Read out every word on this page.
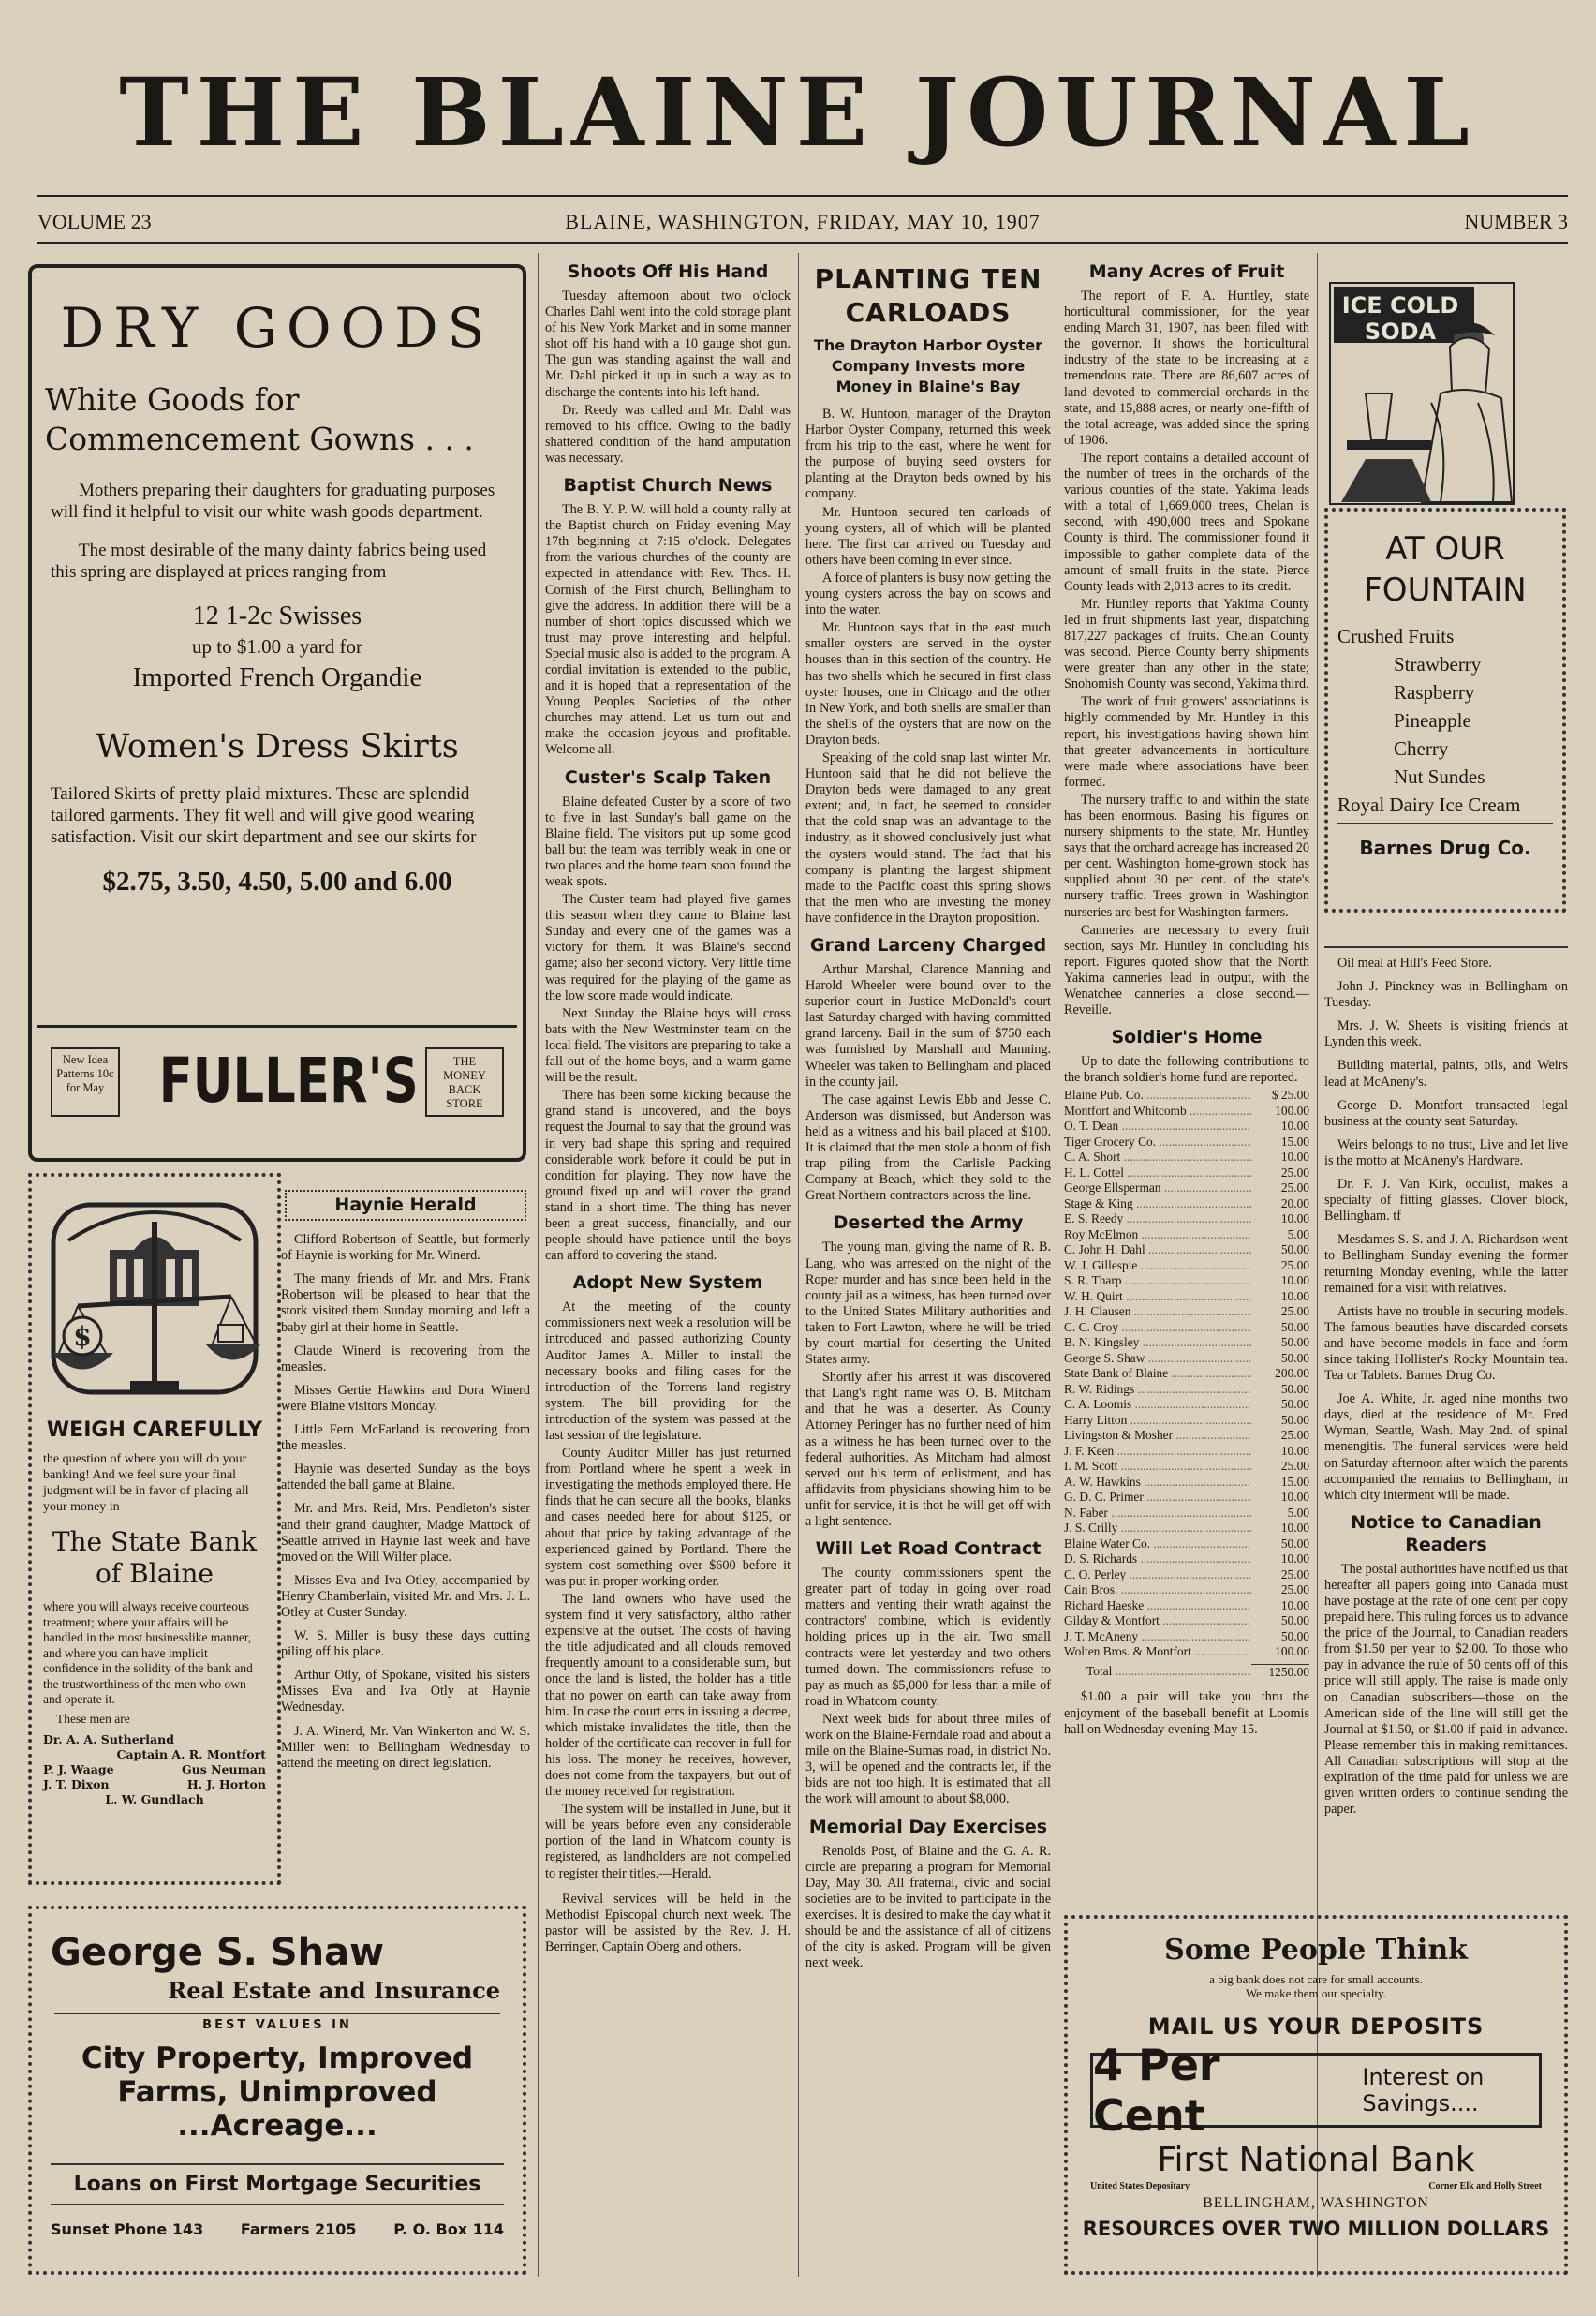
THE BLAINE JOURNAL
VOLUME 23	BLAINE, WASHINGTON, FRIDAY, MAY 10, 1907	NUMBER 3
DRY GOODS
White Goods for Commencement Gowns . . .
Mothers preparing their daughters for graduating purposes will find it helpful to visit our white wash goods department.
The most desirable of the many dainty fabrics being used this spring are displayed at prices ranging from
12 1-2c Swisses
up to $1.00 a yard for
Imported French Organdie
Women's Dress Skirts
Tailored Skirts of pretty plaid mixtures. These are splendid tailored garments. They fit well and will give good wearing satisfaction. Visit our skirt department and see our skirts for
$2.75, 3.50, 4.50, 5.00 and 6.00
New Idea Patterns 10c for May FULLER'S	THE MONEY BACK STORE
$
WEIGH CAREFULLY
the question of where you will do your banking! And we feel sure your final judgment will be in favor of placing all your money in
The State Bank of Blaine
where you will always receive courteous treatment; where your affairs will be handled in the most businesslike manner, and where you can have implicit confidence in the solidity of the bank and the trustworthiness of the men who own and operate it.
These men are
Dr. A. A. Sutherland
Captain A. R. Montfort
P. J. Waage	Gus Neuman
J. T. Dixon	H. J. Horton
L. W. Gundlach
Haynie Herald
Clifford Robertson of Seattle, but formerly of Haynie is working for Mr. Winerd.
The many friends of Mr. and Mrs. Frank Robertson will be pleased to hear that the stork visited them Sunday morning and left a baby girl at their home in Seattle.
Claude Winerd is recovering from the measles.
Misses Gertie Hawkins and Dora Winerd were Blaine visitors Monday.
Little Fern McFarland is recovering from the measles.
Haynie was deserted Sunday as the boys attended the ball game at Blaine.
Mr. and Mrs. Reid, Mrs. Pendleton's sister and their grand daughter, Madge Mattock of Seattle arrived in Haynie last week and have moved on the Will Wilfer place.
Misses Eva and Iva Otley, accompanied by Henry Chamberlain, visited Mr. and Mrs. J. L. Otley at Custer Sunday.
W. S. Miller is busy these days cutting piling off his place.
Arthur Otly, of Spokane, visited his sisters Misses Eva and Iva Otly at Haynie Wednesday.
J. A. Winerd, Mr. Van Winkerton and W. S. Miller went to Bellingham Wednesday to attend the meeting on direct legislation.
George S. Shaw
Real Estate and Insurance
BEST VALUES IN
City Property, Improved Farms, Unimproved ...Acreage...
Loans on First Mortgage Securities
Sunset Phone 143 Farmers 2105 P. O. Box 114
Shoots Off His Hand

Tuesday afternoon about two o'clock Charles Dahl went into the cold storage plant of his New York Market and in some manner shot off his hand with a 10 gauge shot gun. The gun was standing against the wall and Mr. Dahl picked it up in such a way as to discharge the contents into his left hand.

Dr. Reedy was called and Mr. Dahl was removed to his office. Owing to the badly shattered condition of the hand amputation was necessary.

Baptist Church News

The B. Y. P. W. will hold a county rally at the Baptist church on Friday evening May 17th beginning at 7:15 o'clock. Delegates from the various churches of the county are expected in attendance with Rev. Thos. H. Cornish of the First church, Bellingham to give the address. In addition there will be a number of short topics discussed which we trust may prove interesting and helpful. Special music also is added to the program. A cordial invitation is extended to the public, and it is hoped that a representation of the Young Peoples Societies of the other churches may attend. Let us turn out and make the occasion joyous and profitable. Welcome all.

Custer's Scalp Taken

Blaine defeated Custer by a score of two to five in last Sunday's ball game on the Blaine field. The visitors put up some good ball but the team was terribly weak in one or two places and the home team soon found the weak spots.

The Custer team had played five games this season when they came to Blaine last Sunday and every one of the games was a victory for them. It was Blaine's second game; also her second victory. Very little time was required for the playing of the game as the low score made would indicate.

Next Sunday the Blaine boys will cross bats with the New Westminster team on the local field. The visitors are preparing to take a fall out of the home boys, and a warm game will be the result.

There has been some kicking because the grand stand is uncovered, and the boys request the Journal to say that the ground was in very bad shape this spring and required considerable work before it could be put in condition for playing. They now have the ground fixed up and will cover the grand stand in a short time. The thing has never been a great success, financially, and our people should have patience until the boys can afford to covering the stand.

Adopt New System

At the meeting of the county commissioners next week a resolution will be introduced and passed authorizing County Auditor James A. Miller to install the necessary books and filing cases for the introduction of the Torrens land registry system. The bill providing for the introduction of the system was passed at the last session of the legislature.

County Auditor Miller has just returned from Portland where he spent a week in investigating the methods employed there. He finds that he can secure all the books, blanks and cases needed here for about $125, or about that price by taking advantage of the experienced gained by Portland. There the system cost something over $600 before it was put in proper working order.

The land owners who have used the system find it very satisfactory, altho rather expensive at the outset. The costs of having the title adjudicated and all clouds removed frequently amount to a considerable sum, but once the land is listed, the holder has a title that no power on earth can take away from him. In case the court errs in issuing a decree, which mistake invalidates the title, then the holder of the certificate can recover in full for his loss. The money he receives, however, does not come from the taxpayers, but out of the money received for registration.

The system will be installed in June, but it will be years before even any considerable portion of the land in Whatcom county is registered, as landholders are not compelled to register their titles.—Herald.

Revival services will be held in the Methodist Episcopal church next week. The pastor will be assisted by the Rev. J. H. Berringer, Captain Oberg and others.

PLANTING TEN CARLOADS
The Drayton Harbor Oyster Company Invests more Money in Blaine's Bay

B. W. Huntoon, manager of the Drayton Harbor Oyster Company, returned this week from his trip to the east, where he went for the purpose of buying seed oysters for planting at the Drayton beds owned by his company.

Mr. Huntoon secured ten carloads of young oysters, all of which will be planted here. The first car arrived on Tuesday and others have been coming in ever since.

A force of planters is busy now getting the young oysters across the bay on scows and into the water.

Mr. Huntoon says that in the east much smaller oysters are served in the oyster houses than in this section of the country. He has two shells which he secured in first class oyster houses, one in Chicago and the other in New York, and both shells are smaller than the shells of the oysters that are now on the Drayton beds.

Speaking of the cold snap last winter Mr. Huntoon said that he did not believe the Drayton beds were damaged to any great extent; and, in fact, he seemed to consider that the cold snap was an advantage to the industry, as it showed conclusively just what the oysters would stand. The fact that his company is planting the largest shipment made to the Pacific coast this spring shows that the men who are investing the money have confidence in the Drayton proposition.

Grand Larceny Charged

Arthur Marshal, Clarence Manning and Harold Wheeler were bound over to the superior court in Justice McDonald's court last Saturday charged with having committed grand larceny. Bail in the sum of $750 each was furnished by Marshall and Manning. Wheeler was taken to Bellingham and placed in the county jail.

The case against Lewis Ebb and Jesse C. Anderson was dismissed, but Anderson was held as a witness and his bail placed at $100. It is claimed that the men stole a boom of fish trap piling from the Carlisle Packing Company at Beach, which they sold to the Great Northern contractors across the line.

Deserted the Army

The young man, giving the name of R. B. Lang, who was arrested on the night of the Roper murder and has since been held in the county jail as a witness, has been turned over to the United States Military authorities and taken to Fort Lawton, where he will be tried by court martial for deserting the United States army.

Shortly after his arrest it was discovered that Lang's right name was O. B. Mitcham and that he was a deserter. As County Attorney Peringer has no further need of him as a witness he has been turned over to the federal authorities. As Mitcham had almost served out his term of enlistment, and has affidavits from physicians showing him to be unfit for service, it is thot he will get off with a light sentence.

Will Let Road Contract

The county commissioners spent the greater part of today in going over road matters and venting their wrath against the contractors' combine, which is evidently holding prices up in the air. Two small contracts were let yesterday and two others turned down. The commissioners refuse to pay as much as $5,000 for less than a mile of road in Whatcom county.

Next week bids for about three miles of work on the Blaine-Ferndale road and about a mile on the Blaine-Sumas road, in district No. 3, will be opened and the contracts let, if the bids are not too high. It is estimated that all the work will amount to about $8,000.

Memorial Day Exercises

Renolds Post, of Blaine and the G. A. R. circle are preparing a program for Memorial Day, May 30. All fraternal, civic and social societies are to be invited to participate in the exercises. It is desired to make the day what it should be and the assistance of all of citizens of the city is asked. Program will be given next week.

Many Acres of Fruit

The report of F. A. Huntley, state horticultural commissioner, for the year ending March 31, 1907, has been filed with the governor. It shows the horticultural industry of the state to be increasing at a tremendous rate. There are 86,607 acres of land devoted to commercial orchards in the state, and 15,888 acres, or nearly one-fifth of the total acreage, was added since the spring of 1906.

The report contains a detailed account of the number of trees in the orchards of the various counties of the state. Yakima leads with a total of 1,669,000 trees, Chelan is second, with 490,000 trees and Spokane County is third. The commissioner found it impossible to gather complete data of the amount of small fruits in the state. Pierce County leads with 2,013 acres to its credit.

Mr. Huntley reports that Yakima County led in fruit shipments last year, dispatching 817,227 packages of fruits. Chelan County was second. Pierce County berry shipments were greater than any other in the state; Snohomish County was second, Yakima third.

The work of fruit growers' associations is highly commended by Mr. Huntley in this report, his investigations having shown him that greater advancements in horticulture were made where associations have been formed.

The nursery traffic to and within the state has been enormous. Basing his figures on nursery shipments to the state, Mr. Huntley says that the orchard acreage has increased 20 per cent. Washington home-grown stock has supplied about 30 per cent. of the state's nursery traffic. Trees grown in Washington nurseries are best for Washington farmers.

Canneries are necessary to every fruit section, says Mr. Huntley in concluding his report. Figures quoted show that the North Yakima canneries lead in output, with the Wenatchee canneries a close second.—Reveille.

Soldier's Home

Up to date the following contributions to the branch soldier's home fund are reported.

Blaine Pub. Co. .....	$ 25.00
Montfort and Whitcomb .....	100.00
O. T. Dean .....	10.00
Tiger Grocery Co. .....	15.00
C. A. Short .....	10.00
H. L. Cottel .....	25.00
George Ellsperman .....	25.00
Stage & King .....	20.00
E. S. Reedy .....	10.00
Roy McElmon .....	5.00
C. John H. Dahl .....	50.00
W. J. Gillespie .....	25.00
S. R. Tharp .....	10.00
W. H. Quirt .....	10.00
J. H. Clausen .....	25.00
C. C. Croy .....	50.00
B. N. Kingsley .....	50.00
George S. Shaw .....	50.00
State Bank of Blaine .....	200.00
R. W. Ridings .....	50.00
C. A. Loomis .....	50.00
Harry Litton .....	50.00
Livingston & Mosher .....	25.00
J. F. Keen .....	10.00
I. M. Scott .....	25.00
A. W. Hawkins .....	15.00
G. D. C. Primer .....	10.00
N. Faber .....	5.00
J. S. Crilly .....	10.00
Blaine Water Co. .....	50.00
D. S. Richards .....	10.00
C. O. Perley .....	25.00
Cain Bros. .....	25.00
Richard Haeske .....	10.00
Gilday & Montfort .....	50.00
J. T. McAneny .....	50.00
Wolten Bros. & Montfort .....	100.00
Total .....	1250.00

$1.00 a pair will take you thru the enjoyment of the baseball benefit at Loomis hall on Wednesday evening May 15.

ICE COLD SODA
AT OUR FOUNTAIN
Crushed Fruits
Strawberry
Raspberry
Pineapple
Cherry
Nut Sundes
Royal Dairy Ice Cream
Barnes Drug Co.
Oil meal at Hill's Feed Store.
John J. Pinckney was in Bellingham on Tuesday.
Mrs. J. W. Sheets is visiting friends at Lynden this week.
Building material, paints, oils, and Weirs lead at McAneny's.
George D. Montfort transacted legal business at the county seat Saturday.
Weirs belongs to no trust, Live and let live is the motto at McAneny's Hardware.
Dr. F. J. Van Kirk, occulist, makes a specialty of fitting glasses. Clover block, Bellingham. tf
Mesdames S. S. and J. A. Richardson went to Bellingham Sunday evening the former returning Monday evening, while the latter remained for a visit with relatives.
Artists have no trouble in securing models. The famous beauties have discarded corsets and have become models in face and form since taking Hollister's Rocky Mountain tea. Tea or Tablets. Barnes Drug Co.
Joe A. White, Jr. aged nine months two days, died at the residence of Mr. Fred Wyman, Seattle, Wash. May 2nd. of spinal menengitis. The funeral services were held on Saturday afternoon after which the parents accompanied the remains to Bellingham, in which city interment will be made.
Notice to Canadian Readers

The postal authorities have notified us that hereafter all papers going into Canada must have postage at the rate of one cent per copy prepaid here. This ruling forces us to advance the price of the Journal, to Canadian readers from $1.50 per year to $2.00. To those who pay in advance the rule of 50 cents off of this price will still apply. The raise is made only on Canadian subscribers—those on the American side of the line will still get the Journal at $1.50, or $1.00 if paid in advance. Please remember this in making remittances. All Canadian subscriptions will stop at the expiration of the time paid for unless we are given written orders to continue sending the paper.

Some People Think
a big bank does not care for small accounts.
We make them our specialty.
MAIL US YOUR DEPOSITS
4 Per Cent
Interest on Savings....
First National Bank
United States Depositary	Corner Elk and Holly Street
BELLINGHAM, WASHINGTON
RESOURCES OVER TWO MILLION DOLLARS
